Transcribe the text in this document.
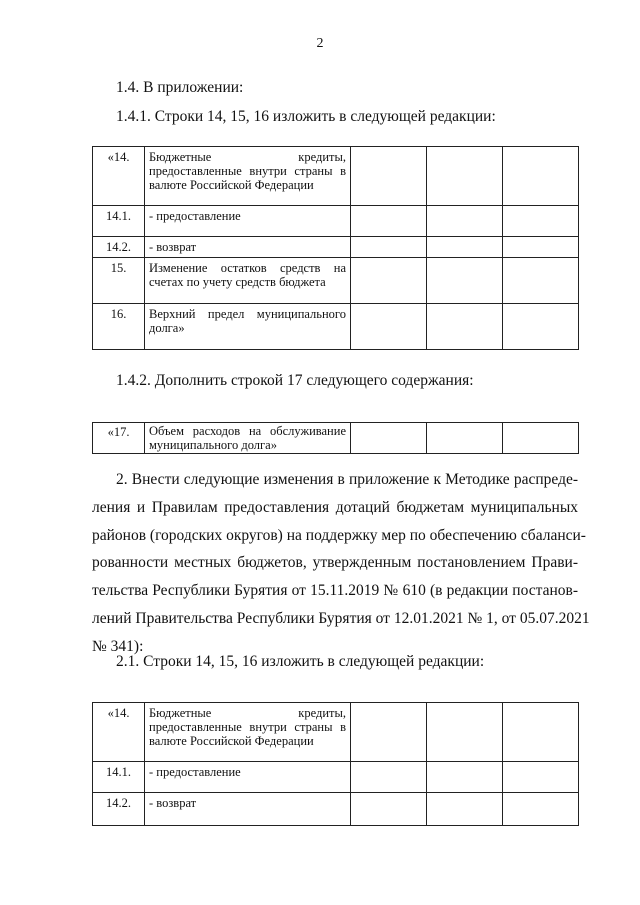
2
1.4. В приложении:
1.4.1. Строки 14, 15, 16 изложить в следующей редакции:
«14.	Бюджетные кредиты, предоставленные внутри страны в валюте Российской Федерации			
14.1.	- предоставление			
14.2.	- возврат			
15.	Изменение остатков средств на счетах по учету средств бюджета			
16.	Верхний предел муниципального долга»			
1.4.2. Дополнить строкой 17 следующего содержания:
«17.	Объем расходов на обслуживание муниципального долга»			
2. Внести следующие изменения в приложение к Методике распреде-
ления и Правилам предоставления дотаций бюджетам муниципальных
районов (городских округов) на поддержку мер по обеспечению сбаланси-
рованности местных бюджетов, утвержденным постановлением Прави-
тельства Республики Бурятия от 15.11.2019 № 610 (в редакции постанов-
лений Правительства Республики Бурятия от 12.01.2021 № 1, от 05.07.2021
№ 341):
2.1. Строки 14, 15, 16 изложить в следующей редакции:
«14.	Бюджетные кредиты, предоставленные внутри страны в валюте Российской Федерации			
14.1.	- предоставление			
14.2.	- возврат			
